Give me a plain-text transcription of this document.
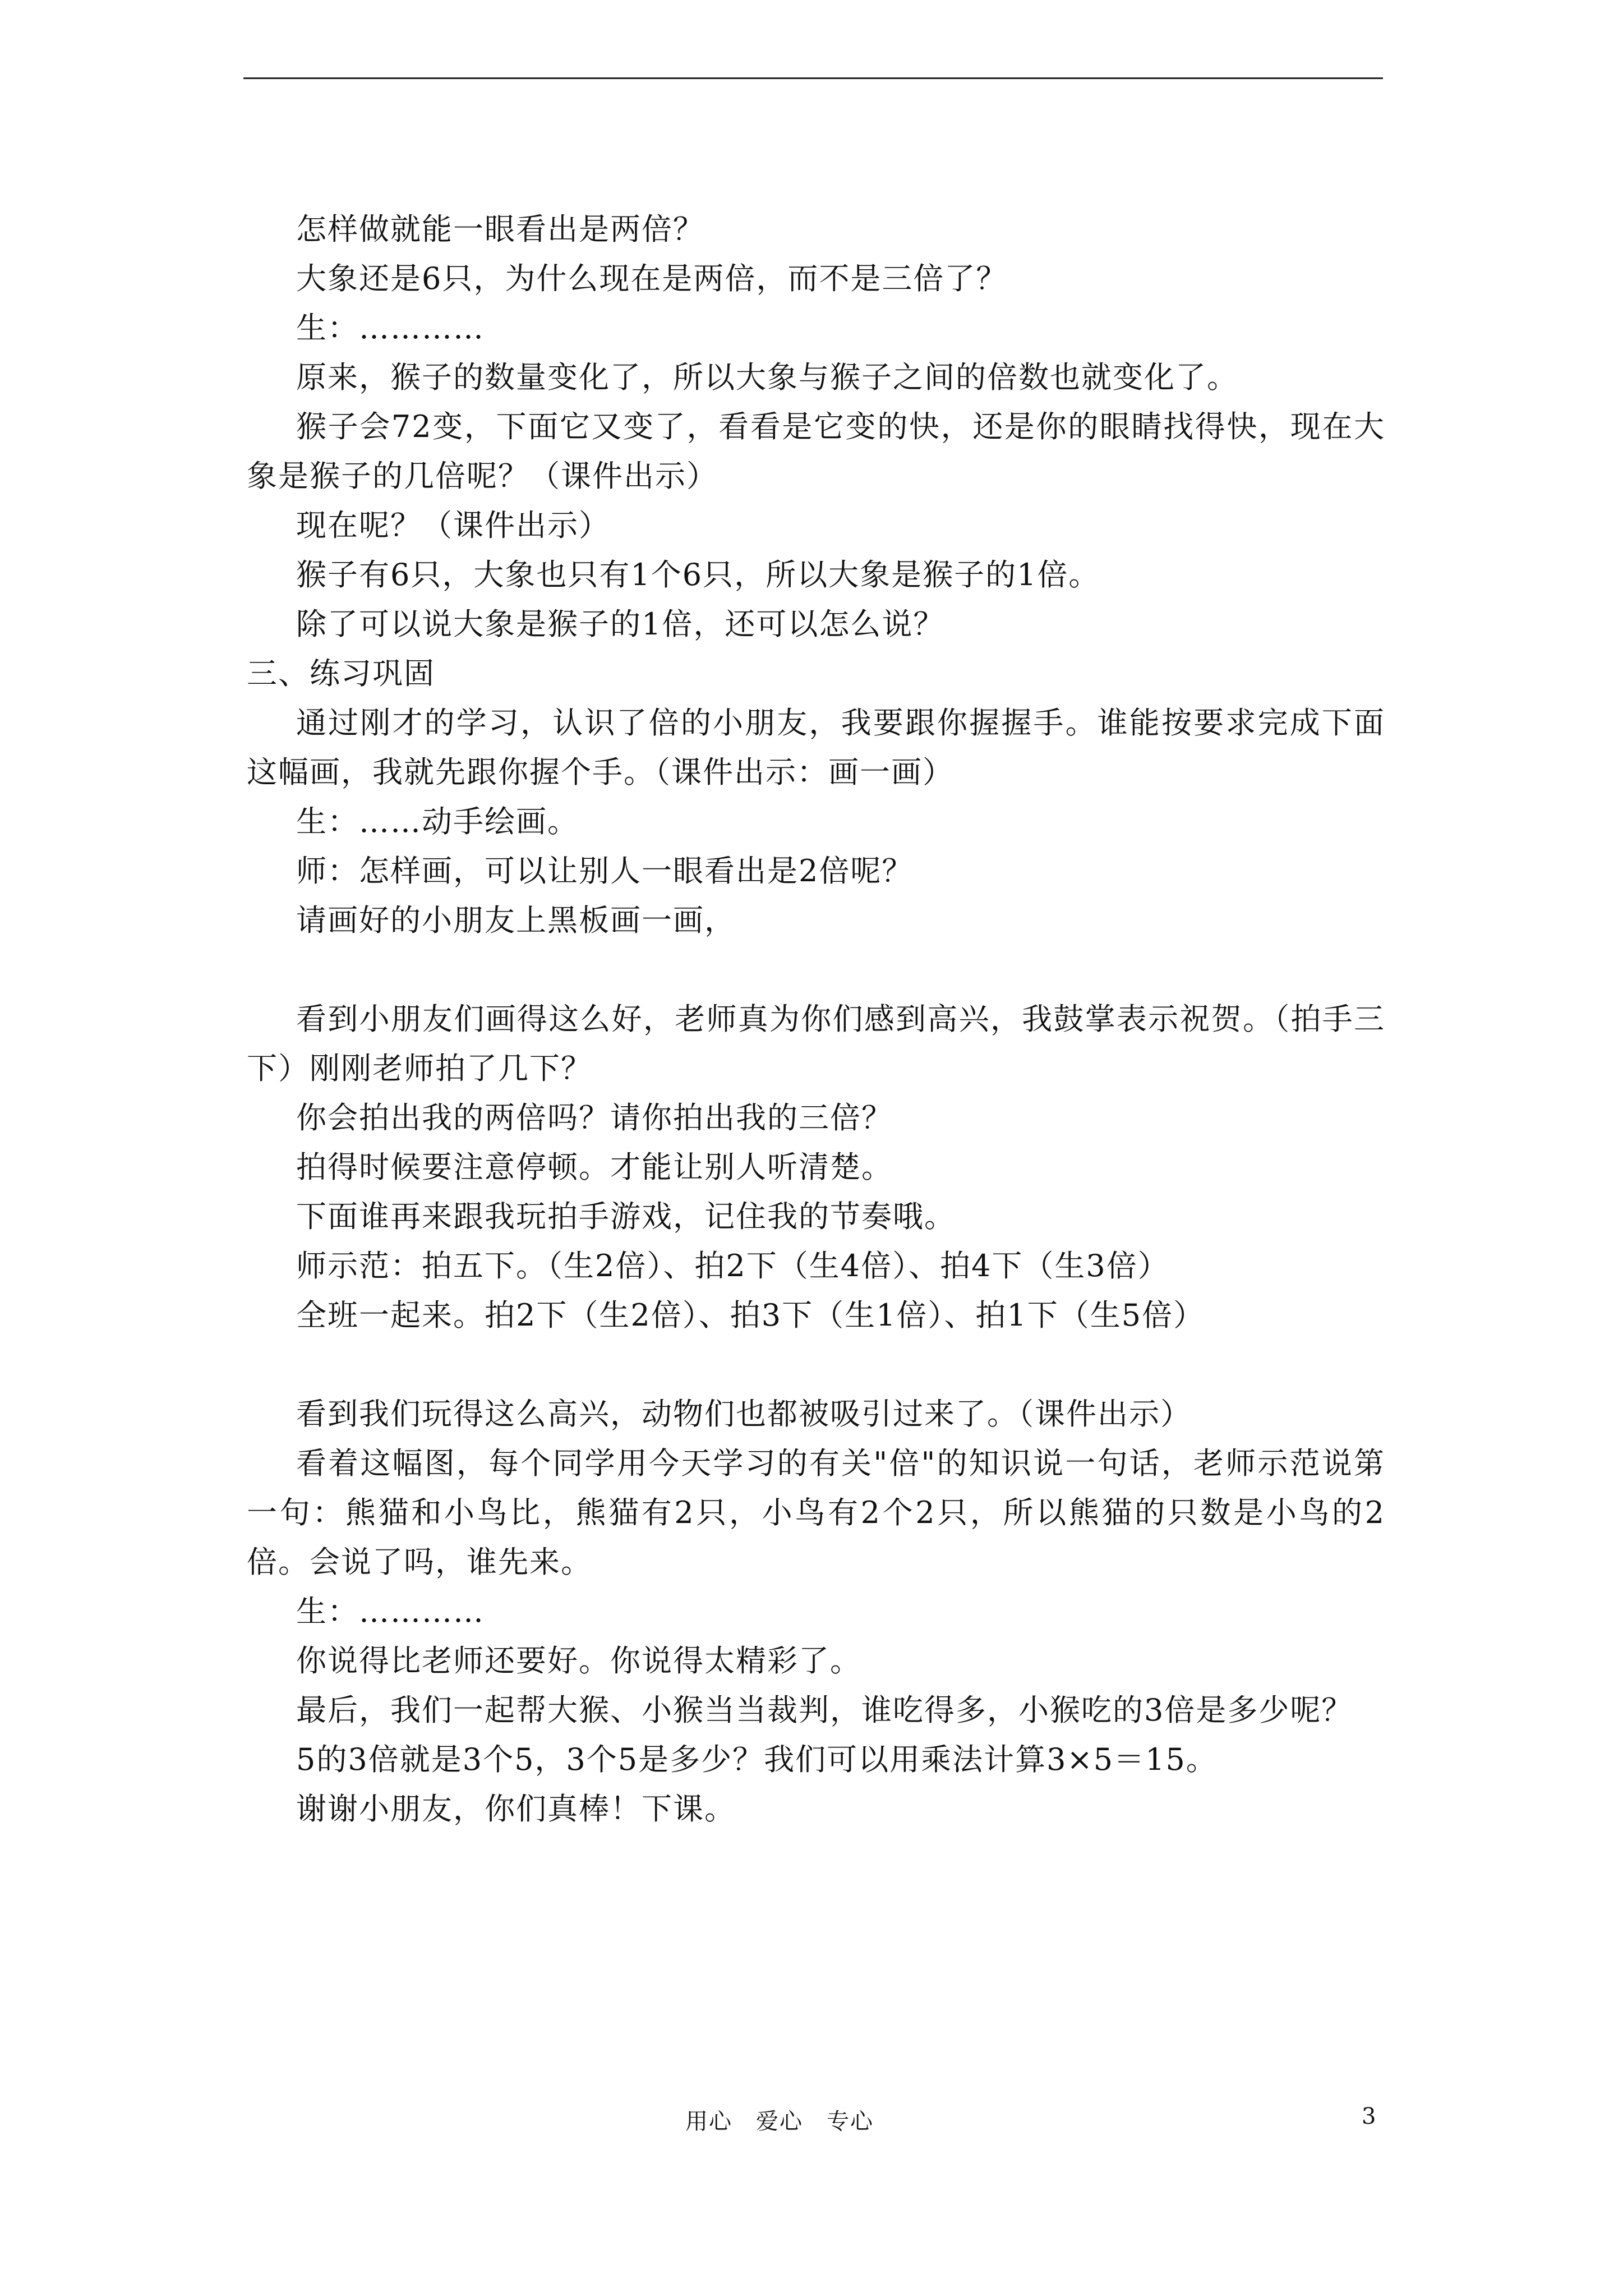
怎样做就能一眼看出是两倍？

大象还是6只，为什么现在是两倍，而不是三倍了？

生：…………

原来，猴子的数量变化了，所以大象与猴子之间的倍数也就变化了。

猴子会72变，下面它又变了，看看是它变的快，还是你的眼睛找得快，现在大象是猴子的几倍呢？（课件出示）

现在呢？（课件出示）

猴子有6只，大象也只有1个6只，所以大象是猴子的1倍。

除了可以说大象是猴子的1倍，还可以怎么说？

三、练习巩固

通过刚才的学习，认识了倍的小朋友，我要跟你握握手。谁能按要求完成下面这幅画，我就先跟你握个手。（课件出示：画一画）

生：……动手绘画。

师：怎样画，可以让别人一眼看出是2倍呢？

请画好的小朋友上黑板画一画，

看到小朋友们画得这么好，老师真为你们感到高兴，我鼓掌表示祝贺。（拍手三下）刚刚老师拍了几下？

你会拍出我的两倍吗？请你拍出我的三倍？

拍得时候要注意停顿。才能让别人听清楚。

下面谁再来跟我玩拍手游戏，记住我的节奏哦。

师示范：拍五下。（生2倍）、拍2下（生4倍）、拍4下（生3倍）

全班一起来。拍2下（生2倍）、拍3下（生1倍）、拍1下（生5倍）

看到我们玩得这么高兴，动物们也都被吸引过来了。（课件出示）

看着这幅图，每个同学用今天学习的有关"倍"的知识说一句话，老师示范说第一句：熊猫和小鸟比，熊猫有2只，小鸟有2个2只，所以熊猫的只数是小鸟的2倍。会说了吗，谁先来。

生：…………

你说得比老师还要好。你说得太精彩了。

最后，我们一起帮大猴、小猴当当裁判，谁吃得多，小猴吃的3倍是多少呢？

5的3倍就是3个5，3个5是多少？我们可以用乘法计算3×5＝15。

谢谢小朋友，你们真棒！下课。

用心　爱心　专心	3
